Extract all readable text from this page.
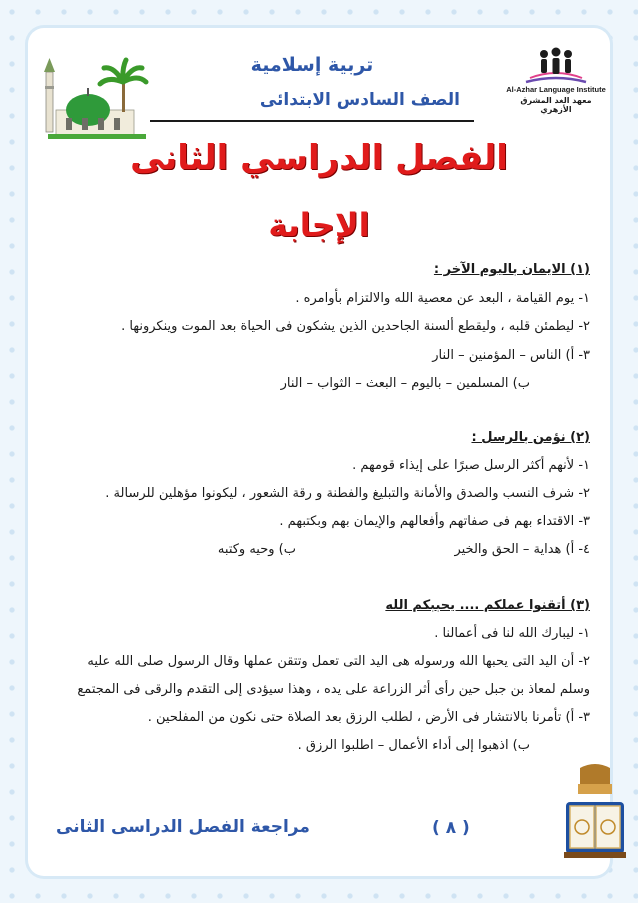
Al-Azhar Language Institute
معهد الغد المشرق الأزهري
تربية إسلامية
الصف السادس الابتدائى
الفصل الدراسي الثانى
الإجابة
(١) الايمان باليوم الآخر :
١- يوم القيامة ، البعد عن معصية الله والالتزام بأوامره .
٢- ليطمئن قلبه ، وليقطع ألسنة الجاحدين الذين يشكون فى الحياة بعد الموت وينكرونها .
٣- أ) الناس – المؤمنين – النار
ب) المسلمين – باليوم – البعث – الثواب – النار
(٢) نؤمن بالرسل :
١- لأنهم أكثر الرسل صبرًا على إيذاء قومهم .
٢- شرف النسب والصدق والأمانة والتبليغ والفطنة و رقة الشعور ، ليكونوا مؤهلين للرسالة .
٣- الاقتداء بهم فى صفاتهم وأفعالهم والإيمان بهم وبكتبهم .
٤- أ) هداية – الحق والخير
ب) وحيه وكتبه
(٣) أتقنوا عملكم .... يحببكم الله
١- ليبارك الله لنا فى أعمالنا .
٢- أن اليد التى يحبها الله ورسوله هى اليد التى تعمل وتتقن عملها وقال الرسول صلى الله عليه
وسلم لمعاذ بن جبل حين رأى أثر الزراعة على يده ، وهذا سيؤدى إلى التقدم والرقى فى المجتمع
٣- أ) تأمرنا بالانتشار فى الأرض ، لطلب الرزق بعد الصلاة حتى نكون من المفلحين .
ب) اذهبوا إلى أداء الأعمال – اطلبوا الرزق .
مراجعة الفصل الدراسى الثانى	( ٨ )
